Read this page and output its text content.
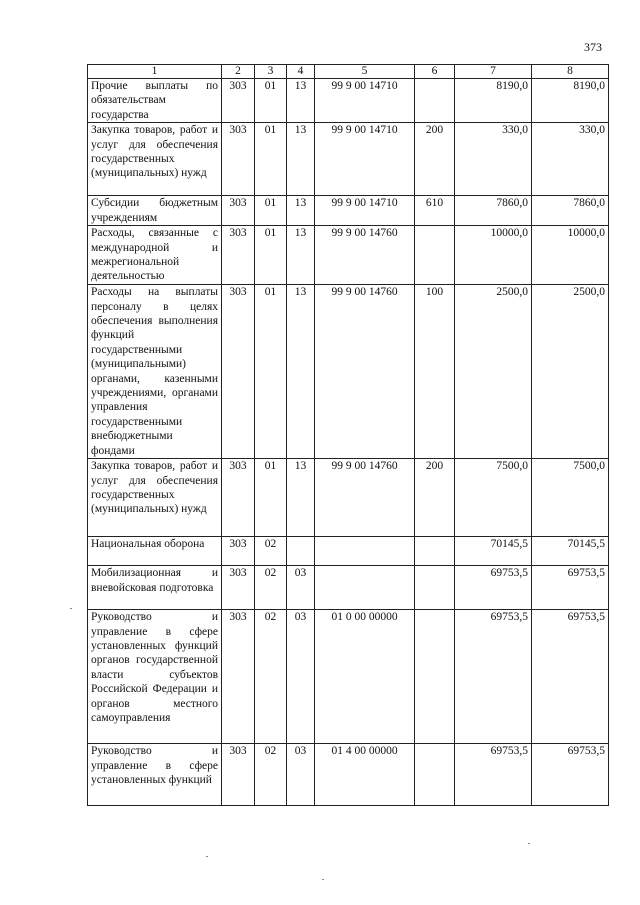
373
1	2	3	4	5	6	7	8
Прочие выплаты по обязательствам государства	303	01	13	99 9 00 14710		8190,0	8190,0
Закупка товаров, работ и услуг для обеспечения государственных (муниципальных) нужд	303	01	13	99 9 00 14710	200	330,0	330,0
Субсидии бюджетным учреждениям	303	01	13	99 9 00 14710	610	7860,0	7860,0
Расходы, связанные с международной и межрегиональной деятельностью	303	01	13	99 9 00 14760		10000,0	10000,0
Расходы на выплаты персоналу в целях обеспечения выполнения функций государственными (муниципальными) органами, казенными учреждениями, органами управления государственными внебюджетными фондами	303	01	13	99 9 00 14760	100	2500,0	2500,0
Закупка товаров, работ и услуг для обеспечения государственных (муниципальных) нужд	303	01	13	99 9 00 14760	200	7500,0	7500,0
Национальная оборона	303	02				70145,5	70145,5
Мобилизационная и вневойсковая подготовка	303	02	03			69753,5	69753,5
Руководство и управление в сфере установленных функций органов государственной власти субъектов Российской Федерации и органов местного самоуправления	303	02	03	01 0 00 00000		69753,5	69753,5
Руководство и управление в сфере установленных функций	303	02	03	01 4 00 00000		69753,5	69753,5
